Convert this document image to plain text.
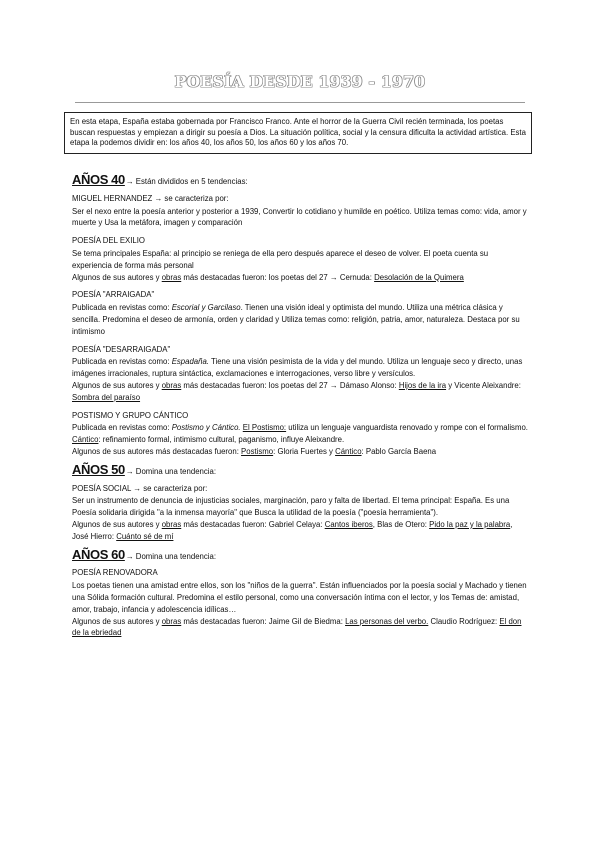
POESÍA DESDE 1939 - 1970
En esta etapa, España estaba gobernada por Francisco Franco. Ante el horror de la Guerra Civil recién terminada, los poetas buscan respuestas y empiezan a dirigir su poesía a Dios. La situación política, social y la censura dificulta la actividad artística. Esta etapa la podemos dividir en: los años 40, los años 50, los años 60 y los años 70.
AÑOS 40 → Están divididos en 5 tendencias:
MIGUEL HERNANDEZ → se caracteriza por:

Ser el nexo entre la poesía anterior y posterior a 1939, Convertir lo cotidiano y humilde en poético. Utiliza temas como: vida, amor y muerte y Usa la metáfora, imagen y comparación

POESÍA DEL EXILIO

Se tema principales España: al principio se reniega de ella pero después aparece el deseo de volver. El poeta cuenta su experiencia de forma más personal

Algunos de sus autores y obras más destacadas fueron: los poetas del 27 → Cernuda: Desolación de la Quimera

POESÍA "ARRAIGADA"

Publicada en revistas como: Escorial y Garcilaso. Tienen una visión ideal y optimista del mundo. Utiliza una métrica clásica y sencilla. Predomina el deseo de armonía, orden y claridad y Utiliza temas como: religión, patria, amor, naturaleza. Destaca por su intimismo

POESÍA "DESARRAIGADA"

Publicada en revistas como: Espadaña. Tiene una visión pesimista de la vida y del mundo. Utiliza un lenguaje seco y directo, unas imágenes irracionales, ruptura sintáctica, exclamaciones e interrogaciones, verso libre y versículos.

Algunos de sus autores y obras más destacadas fueron: los poetas del 27 → Dámaso Alonso: Hijos de la ira y Vicente Aleixandre: Sombra del paraíso

POSTISMO Y GRUPO CÁNTICO

Publicada en revistas como: Postismo y Cántico. El Postismo: utiliza un lenguaje vanguardista renovado y rompe con el formalismo. Cántico: refinamiento formal, intimismo cultural, paganismo, influye Aleixandre.

Algunos de sus autores más destacadas fueron: Postismo: Gloria Fuertes y Cántico: Pablo García Baena

AÑOS 50 → Domina una tendencia:
POESÍA SOCIAL → se caracteriza por:

Ser un instrumento de denuncia de injusticias sociales, marginación, paro y falta de libertad. El tema principal: España. Es una Poesía solidaria dirigida "a la inmensa mayoría" que Busca la utilidad de la poesía ("poesía herramienta").

Algunos de sus autores y obras más destacadas fueron: Gabriel Celaya: Cantos iberos, Blas de Otero: Pido la paz y la palabra, José Hierro: Cuánto sé de mí

AÑOS 60 → Domina una tendencia:
POESÍA RENOVADORA

Los poetas tienen una amistad entre ellos, son los "niños de la guerra". Están influenciados por la poesía social y Machado y tienen una Sólida formación cultural. Predomina el estilo personal, como una conversación íntima con el lector, y los Temas de: amistad, amor, trabajo, infancia y adolescencia idílicas…

Algunos de sus autores y obras más destacadas fueron: Jaime Gil de Biedma: Las personas del verbo. Claudio Rodríguez: El don de la ebriedad
